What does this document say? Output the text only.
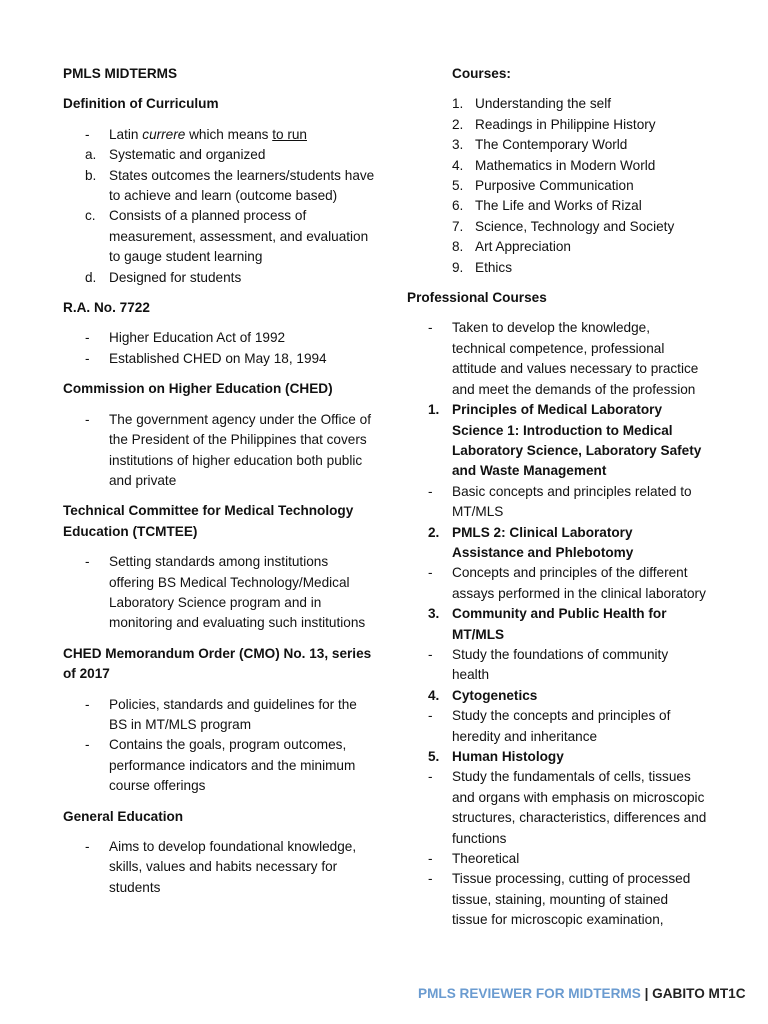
PMLS MIDTERMS
Definition of Curriculum
- Latin currere which means to run
a. Systematic and organized
b. States outcomes the learners/students have to achieve and learn (outcome based)
c. Consists of a planned process of measurement, assessment, and evaluation to gauge student learning
d. Designed for students
R.A. No. 7722
- Higher Education Act of 1992
- Established CHED on May 18, 1994
Commission on Higher Education (CHED)
- The government agency under the Office of the President of the Philippines that covers institutions of higher education both public and private
Technical Committee for Medical Technology Education (TCMTEE)
- Setting standards among institutions offering BS Medical Technology/Medical Laboratory Science program and in monitoring and evaluating such institutions
CHED Memorandum Order (CMO) No. 13, series of 2017
- Policies, standards and guidelines for the BS in MT/MLS program
- Contains the goals, program outcomes, performance indicators and the minimum course offerings
General Education
- Aims to develop foundational knowledge, skills, values and habits necessary for students
Courses:
1. Understanding the self
2. Readings in Philippine History
3. The Contemporary World
4. Mathematics in Modern World
5. Purposive Communication
6. The Life and Works of Rizal
7. Science, Technology and Society
8. Art Appreciation
9. Ethics
Professional Courses
- Taken to develop the knowledge, technical competence, professional attitude and values necessary to practice and meet the demands of the profession
1. Principles of Medical Laboratory Science 1: Introduction to Medical Laboratory Science, Laboratory Safety and Waste Management
- Basic concepts and principles related to MT/MLS
2. PMLS 2: Clinical Laboratory Assistance and Phlebotomy
- Concepts and principles of the different assays performed in the clinical laboratory
3. Community and Public Health for MT/MLS
- Study the foundations of community health
4. Cytogenetics
- Study the concepts and principles of heredity and inheritance
5. Human Histology
- Study the fundamentals of cells, tissues and organs with emphasis on microscopic structures, characteristics, differences and functions
- Theoretical
- Tissue processing, cutting of processed tissue, staining, mounting of stained tissue for microscopic examination,
PMLS REVIEWER FOR MIDTERMS | GABITO MT1C
